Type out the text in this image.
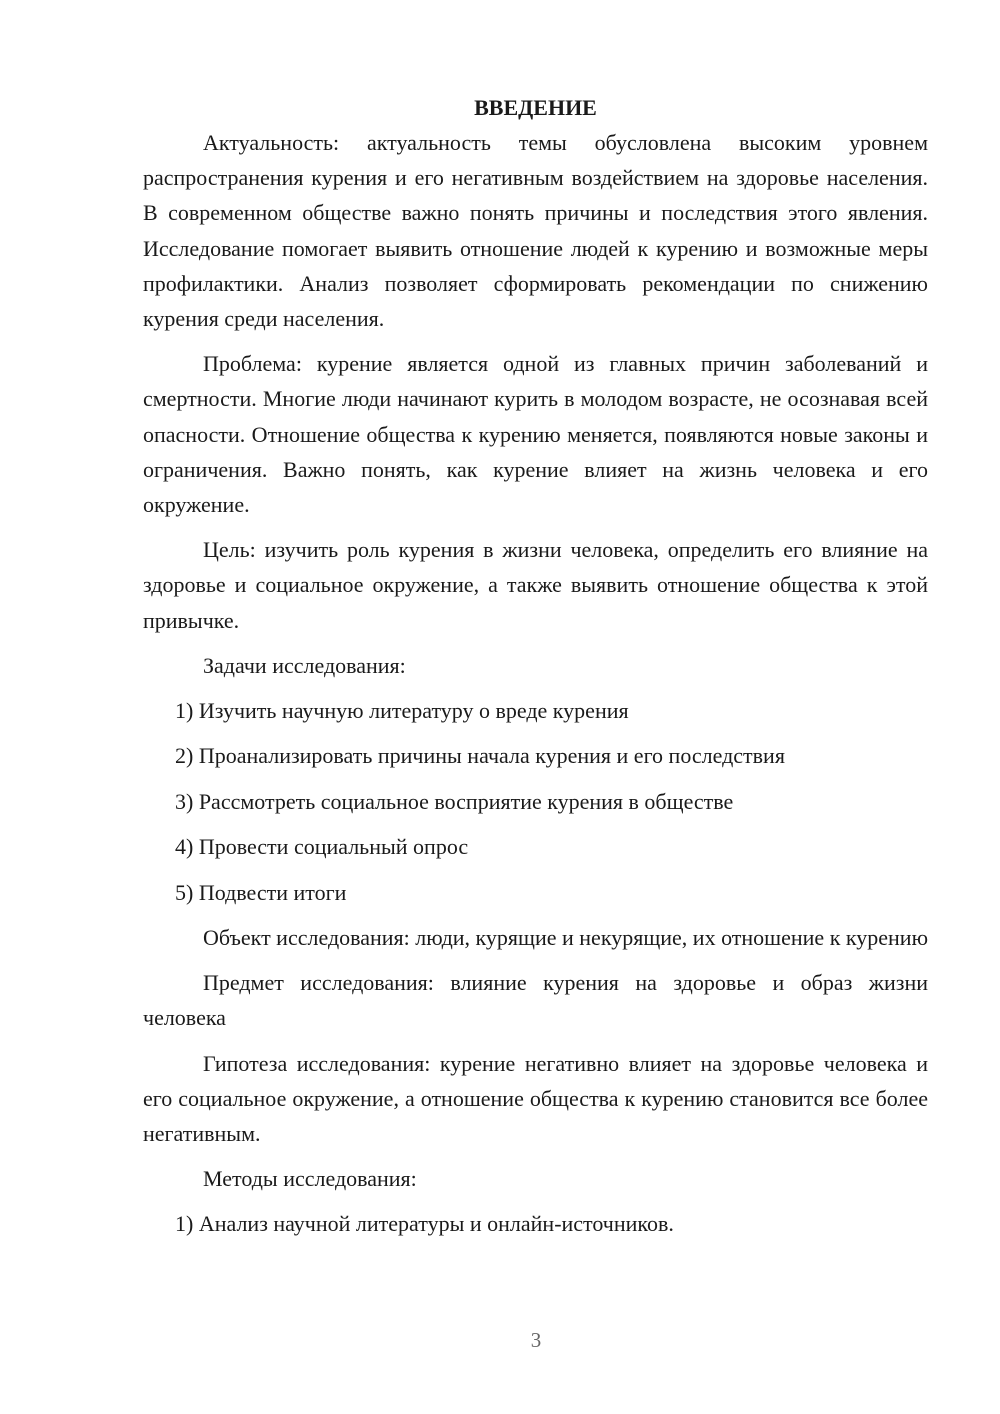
ВВЕДЕНИЕ

Актуальность: актуальность темы обусловлена высоким уровнем распространения курения и его негативным воздействием на здоровье населения. В современном обществе важно понять причины и последствия этого явления. Исследование помогает выявить отношение людей к курению и возможные меры профилактики. Анализ позволяет сформировать рекомендации по снижению курения среди населения.

Проблема: курение является одной из главных причин заболеваний и смертности. Многие люди начинают курить в молодом возрасте, не осознавая всей опасности. Отношение общества к курению меняется, появляются новые законы и ограничения. Важно понять, как курение влияет на жизнь человека и его окружение.

Цель: изучить роль курения в жизни человека, определить его влияние на здоровье и социальное окружение, а также выявить отношение общества к этой привычке.

Задачи исследования:

1) Изучить научную литературу о вреде курения
2) Проанализировать причины начала курения и его последствия
3) Рассмотреть социальное восприятие курения в обществе
4) Провести социальный опрос
5) Подвести итоги

Объект исследования: люди, курящие и некурящие, их отношение к курению

Предмет исследования: влияние курения на здоровье и образ жизни человека

Гипотеза исследования: курение негативно влияет на здоровье человека и его социальное окружение, а отношение общества к курению становится все более негативным.

Методы исследования:

1) Анализ научной литературы и онлайн-источников.
3
